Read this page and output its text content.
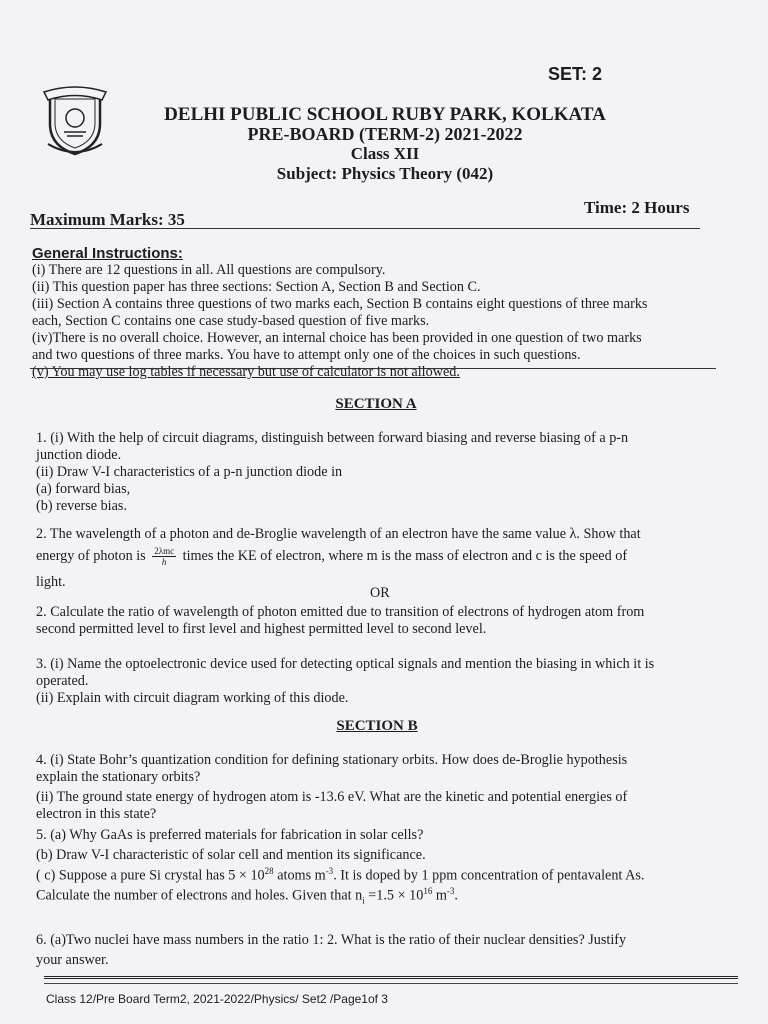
SET: 2
DELHI PUBLIC SCHOOL RUBY PARK, KOLKATA
PRE-BOARD (TERM-2) 2021-2022
Class XII
Subject: Physics Theory (042)
Maximum Marks: 35
Time: 2 Hours
General Instructions:
(i) There are 12 questions in all. All questions are compulsory.
(ii) This question paper has three sections: Section A, Section B and Section C.
(iii) Section A contains three questions of two marks each, Section B contains eight questions of three marks
each, Section C contains one case study-based question of five marks.
(iv)There is no overall choice. However, an internal choice has been provided in one question of two marks
and two questions of three marks. You have to attempt only one of the choices in such questions.
(v) You may use log tables if necessary but use of calculator is not allowed.
SECTION A
1. (i) With the help of circuit diagrams, distinguish between forward biasing and reverse biasing of a p-n
junction diode.
(ii) Draw V-I characteristics of a p-n junction diode in
(a) forward bias,
(b) reverse bias.
2. The wavelength of a photon and de-Broglie wavelength of an electron have the same value λ. Show that
energy of photon is $\frac{\text{2λmc}}{h}$ times the KE of electron, where m is the mass of electron and c is the speed of
light.
OR
2. Calculate the ratio of wavelength of photon emitted due to transition of electrons of hydrogen atom from
second permitted level to first level and highest permitted level to second level.
3. (i) Name the optoelectronic device used for detecting optical signals and mention the biasing in which it is
operated.
(ii) Explain with circuit diagram working of this diode.
SECTION B
4. (i) State Bohr’s quantization condition for defining stationary orbits. How does de-Broglie hypothesis
explain the stationary orbits?
(ii) The ground state energy of hydrogen atom is -13.6 eV. What are the kinetic and potential energies of
electron in this state?
5. (a) Why GaAs is preferred materials for fabrication in solar cells?
(b) Draw V-I characteristic of solar cell and mention its significance.
( c) Suppose a pure Si crystal has $5 \times 10^{28}$ atoms $m^{-3}$. It is doped by 1 ppm concentration of pentavalent As.
Calculate the number of electrons and holes. Given that $n_i =1.5 \times 10^{16}$ $m^{-3}$.
6. (a)Two nuclei have mass numbers in the ratio 1: 2. What is the ratio of their nuclear densities? Justify
your answer.
Class 12/Pre Board Term2, 2021-2022/Physics/ Set2 /Page1of 3
